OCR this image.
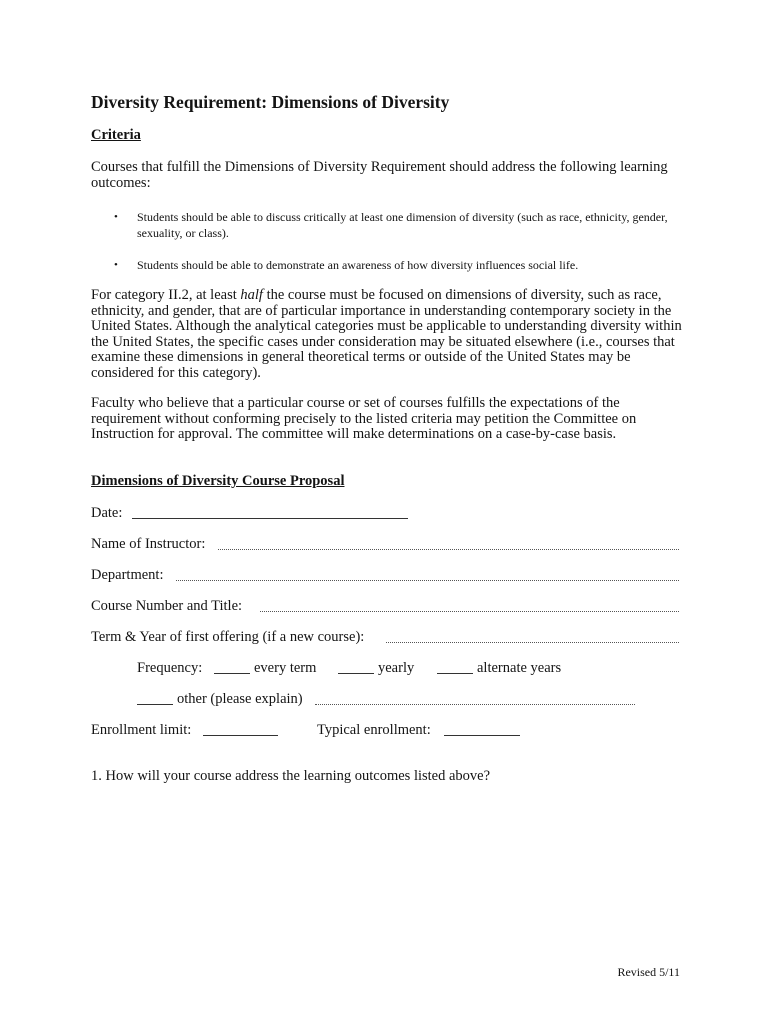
Diversity Requirement: Dimensions of Diversity
Criteria
Courses that fulfill the Dimensions of Diversity Requirement should address the following learning outcomes:
• Students should be able to discuss critically at least one dimension of diversity (such as race, ethnicity, gender, sexuality, or class).
• Students should be able to demonstrate an awareness of how diversity influences social life.
For category II.2, at least half the course must be focused on dimensions of diversity, such as race, ethnicity, and gender, that are of particular importance in understanding contemporary society in the United States. Although the analytical categories must be applicable to understanding diversity within the United States, the specific cases under consideration may be situated elsewhere (i.e., courses that examine these dimensions in general theoretical terms or outside of the United States may be considered for this category).
Faculty who believe that a particular course or set of courses fulfills the expectations of the requirement without conforming precisely to the listed criteria may petition the Committee on Instruction for approval. The committee will make determinations on a case-by-case basis.
Dimensions of Diversity Course Proposal
Date:
Name of Instructor:
Department:
Course Number and Title:
Term & Year of first offering (if a new course):
Frequency:	every term	yearly	alternate years
other (please explain)
Enrollment limit:	Typical enrollment:
1. How will your course address the learning outcomes listed above?
Revised 5/11
